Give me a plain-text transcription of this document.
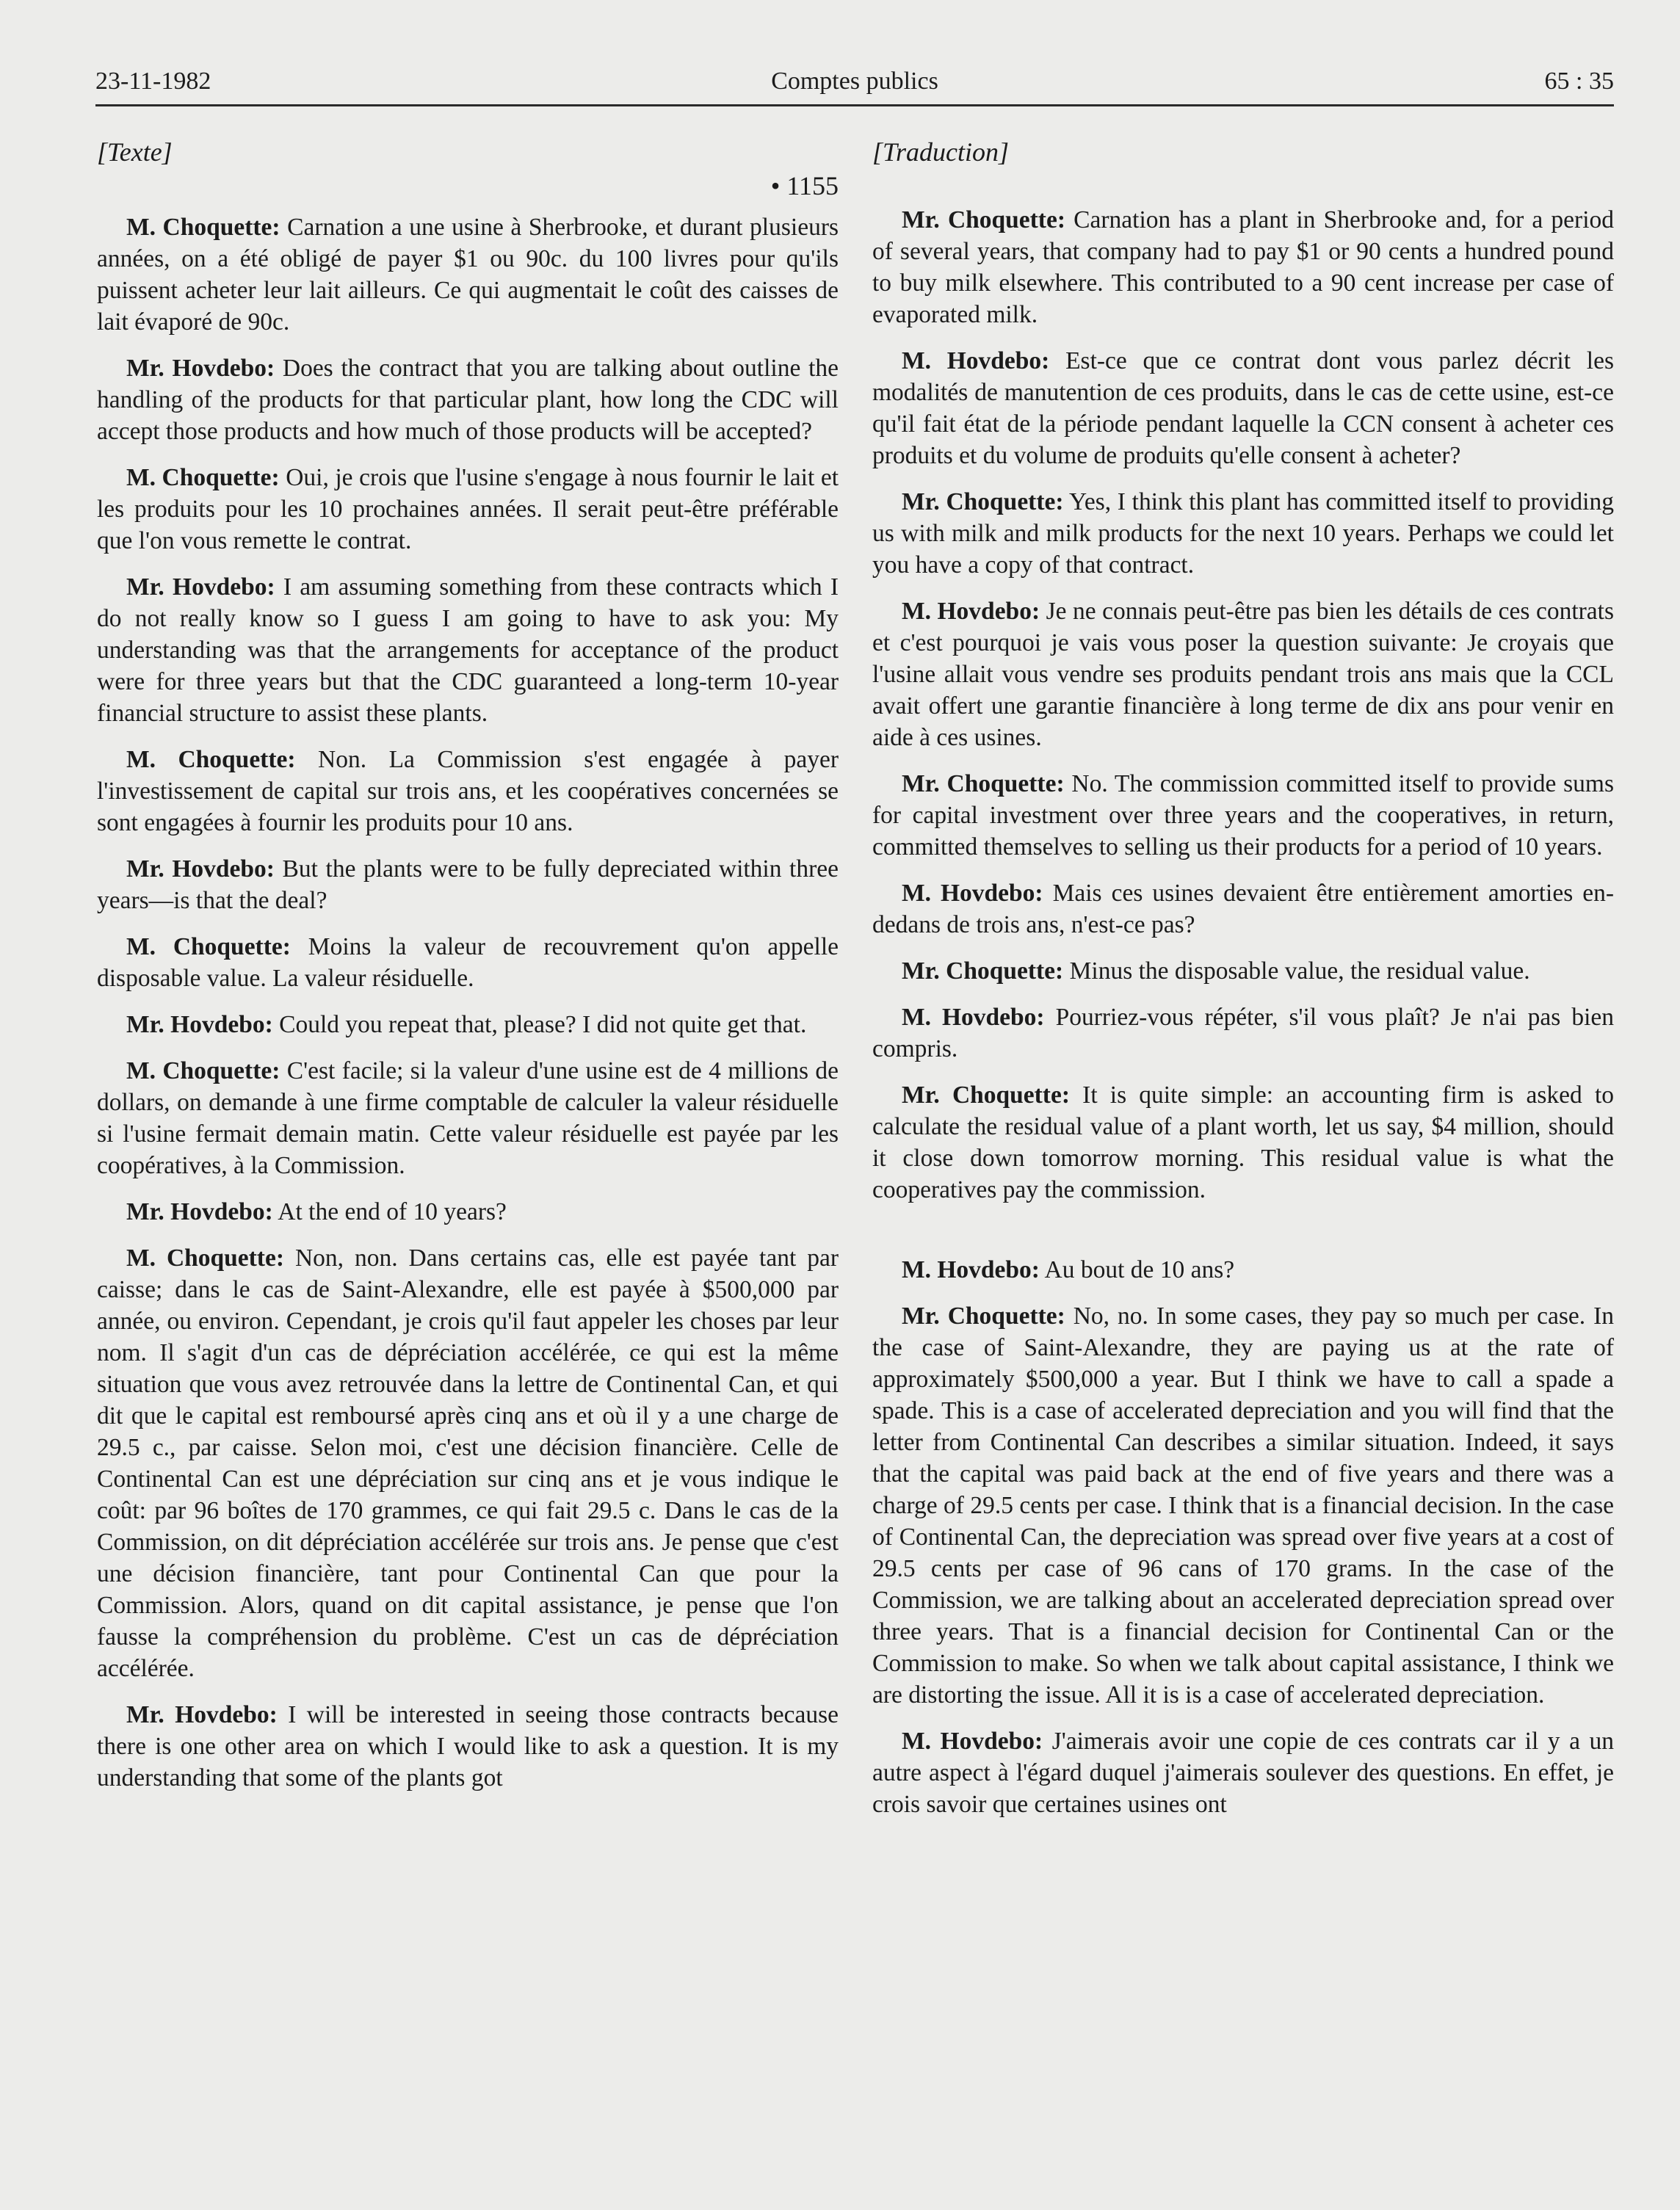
23-11-1982	Comptes publics	65 : 35
[Texte]
• 1155

M. Choquette: Carnation a une usine à Sherbrooke, et durant plusieurs années, on a été obligé de payer $1 ou 90c. du 100 livres pour qu'ils puissent acheter leur lait ailleurs. Ce qui augmentait le coût des caisses de lait évaporé de 90c.

Mr. Hovdebo: Does the contract that you are talking about outline the handling of the products for that particular plant, how long the CDC will accept those products and how much of those products will be accepted?

M. Choquette: Oui, je crois que l'usine s'engage à nous fournir le lait et les produits pour les 10 prochaines années. Il serait peut-être préférable que l'on vous remette le contrat.

Mr. Hovdebo: I am assuming something from these contracts which I do not really know so I guess I am going to have to ask you: My understanding was that the arrangements for acceptance of the product were for three years but that the CDC guaranteed a long-term 10-year financial structure to assist these plants.

M. Choquette: Non. La Commission s'est engagée à payer l'investissement de capital sur trois ans, et les coopératives concernées se sont engagées à fournir les produits pour 10 ans.

Mr. Hovdebo: But the plants were to be fully depreciated within three years—is that the deal?

M. Choquette: Moins la valeur de recouvrement qu'on appelle disposable value. La valeur résiduelle.

Mr. Hovdebo: Could you repeat that, please? I did not quite get that.

M. Choquette: C'est facile; si la valeur d'une usine est de 4 millions de dollars, on demande à une firme comptable de calculer la valeur résiduelle si l'usine fermait demain matin. Cette valeur résiduelle est payée par les coopératives, à la Commission.

Mr. Hovdebo: At the end of 10 years?

M. Choquette: Non, non. Dans certains cas, elle est payée tant par caisse; dans le cas de Saint-Alexandre, elle est payée à $500,000 par année, ou environ. Cependant, je crois qu'il faut appeler les choses par leur nom. Il s'agit d'un cas de dépréciation accélérée, ce qui est la même situation que vous avez retrouvée dans la lettre de Continental Can, et qui dit que le capital est remboursé après cinq ans et où il y a une charge de 29.5 c., par caisse. Selon moi, c'est une décision financière. Celle de Continental Can est une dépréciation sur cinq ans et je vous indique le coût: par 96 boîtes de 170 grammes, ce qui fait 29.5 c. Dans le cas de la Commission, on dit dépréciation accélérée sur trois ans. Je pense que c'est une décision financière, tant pour Continental Can que pour la Commission. Alors, quand on dit capital assistance, je pense que l'on fausse la compréhension du problème. C'est un cas de dépréciation accélérée.

Mr. Hovdebo: I will be interested in seeing those contracts because there is one other area on which I would like to ask a question. It is my understanding that some of the plants got

[Traduction]

Mr. Choquette: Carnation has a plant in Sherbrooke and, for a period of several years, that company had to pay $1 or 90 cents a hundred pound to buy milk elsewhere. This contributed to a 90 cent increase per case of evaporated milk.

M. Hovdebo: Est-ce que ce contrat dont vous parlez décrit les modalités de manutention de ces produits, dans le cas de cette usine, est-ce qu'il fait état de la période pendant laquelle la CCN consent à acheter ces produits et du volume de produits qu'elle consent à acheter?

Mr. Choquette: Yes, I think this plant has committed itself to providing us with milk and milk products for the next 10 years. Perhaps we could let you have a copy of that contract.

M. Hovdebo: Je ne connais peut-être pas bien les détails de ces contrats et c'est pourquoi je vais vous poser la question suivante: Je croyais que l'usine allait vous vendre ses produits pendant trois ans mais que la CCL avait offert une garantie financière à long terme de dix ans pour venir en aide à ces usines.

Mr. Choquette: No. The commission committed itself to provide sums for capital investment over three years and the cooperatives, in return, committed themselves to selling us their products for a period of 10 years.

M. Hovdebo: Mais ces usines devaient être entièrement amorties en-dedans de trois ans, n'est-ce pas?

Mr. Choquette: Minus the disposable value, the residual value.

M. Hovdebo: Pourriez-vous répéter, s'il vous plaît? Je n'ai pas bien compris.

Mr. Choquette: It is quite simple: an accounting firm is asked to calculate the residual value of a plant worth, let us say, $4 million, should it close down tomorrow morning. This residual value is what the cooperatives pay the commission.

M. Hovdebo: Au bout de 10 ans?

Mr. Choquette: No, no. In some cases, they pay so much per case. In the case of Saint-Alexandre, they are paying us at the rate of approximately $500,000 a year. But I think we have to call a spade a spade. This is a case of accelerated depreciation and you will find that the letter from Continental Can describes a similar situation. Indeed, it says that the capital was paid back at the end of five years and there was a charge of 29.5 cents per case. I think that is a financial decision. In the case of Continental Can, the depreciation was spread over five years at a cost of 29.5 cents per case of 96 cans of 170 grams. In the case of the Commission, we are talking about an accelerated depreciation spread over three years. That is a financial decision for Continental Can or the Commission to make. So when we talk about capital assistance, I think we are distorting the issue. All it is is a case of accelerated depreciation.

M. Hovdebo: J'aimerais avoir une copie de ces contrats car il y a un autre aspect à l'égard duquel j'aimerais soulever des questions. En effet, je crois savoir que certaines usines ont
